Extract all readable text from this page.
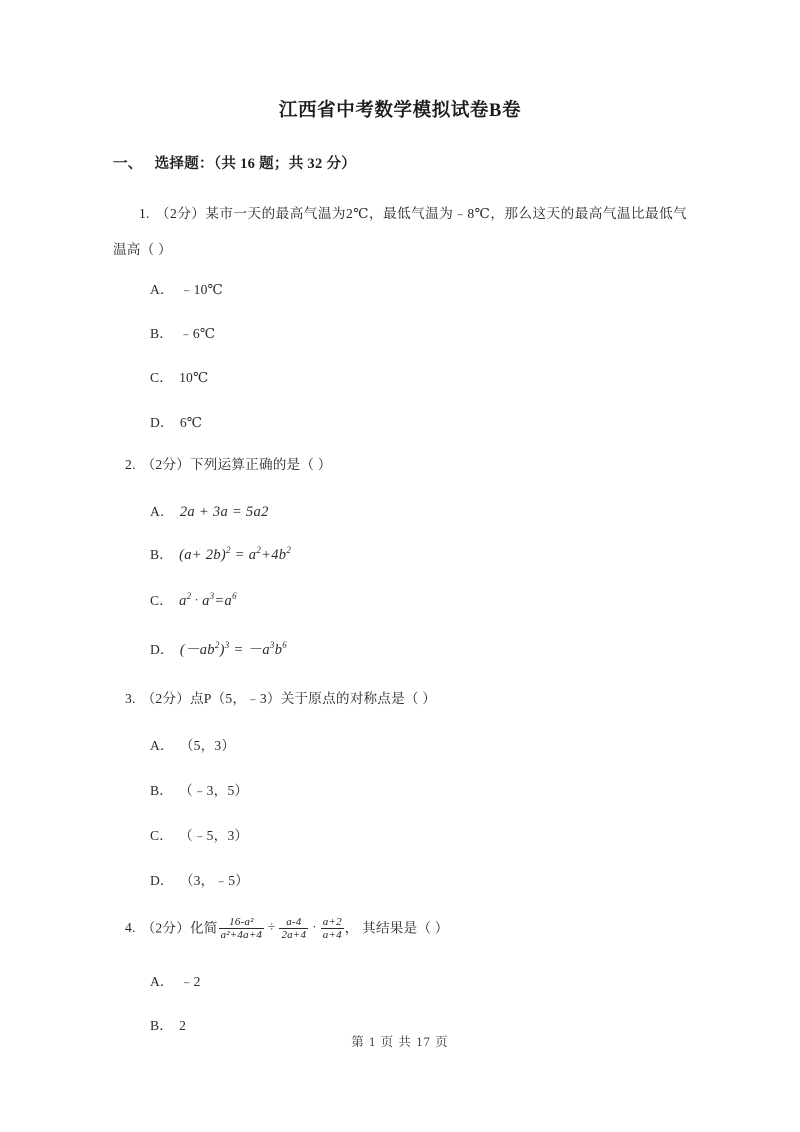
江西省中考数学模拟试卷B卷
一、 选择题：（共 16 题；共 32 分）
1. （2分）某市一天的最高气温为2℃，最低气温为﹣8℃，那么这天的最高气温比最低气温高（ ）
A． ﹣10℃
B． ﹣6℃
C． 10℃
D． 6℃
2. （2分）下列运算正确的是（ ）
A． 2a + 3a = 5a2
B． $(a+ 2b)^2 = a^2+4b^2$
C． $a^2 \cdot a^3=a^6$
D． $(-ab^2)^3 = -a^3b^6$
3. （2分）点P（5，﹣3）关于原点的对称点是（ ）
A． （5，3）
B． （﹣3，5）
C． （﹣5，3）
D． （3，﹣5）
4. （2分）化简 $\frac{\text{16-a²}}{\text{a²+4a+4}} \div \frac{a-4}{2a+4} \cdot \frac{a+2}{a+4}$ ， 其结果是（ ）
A． ﹣2
B． 2
第 1 页 共 17 页
